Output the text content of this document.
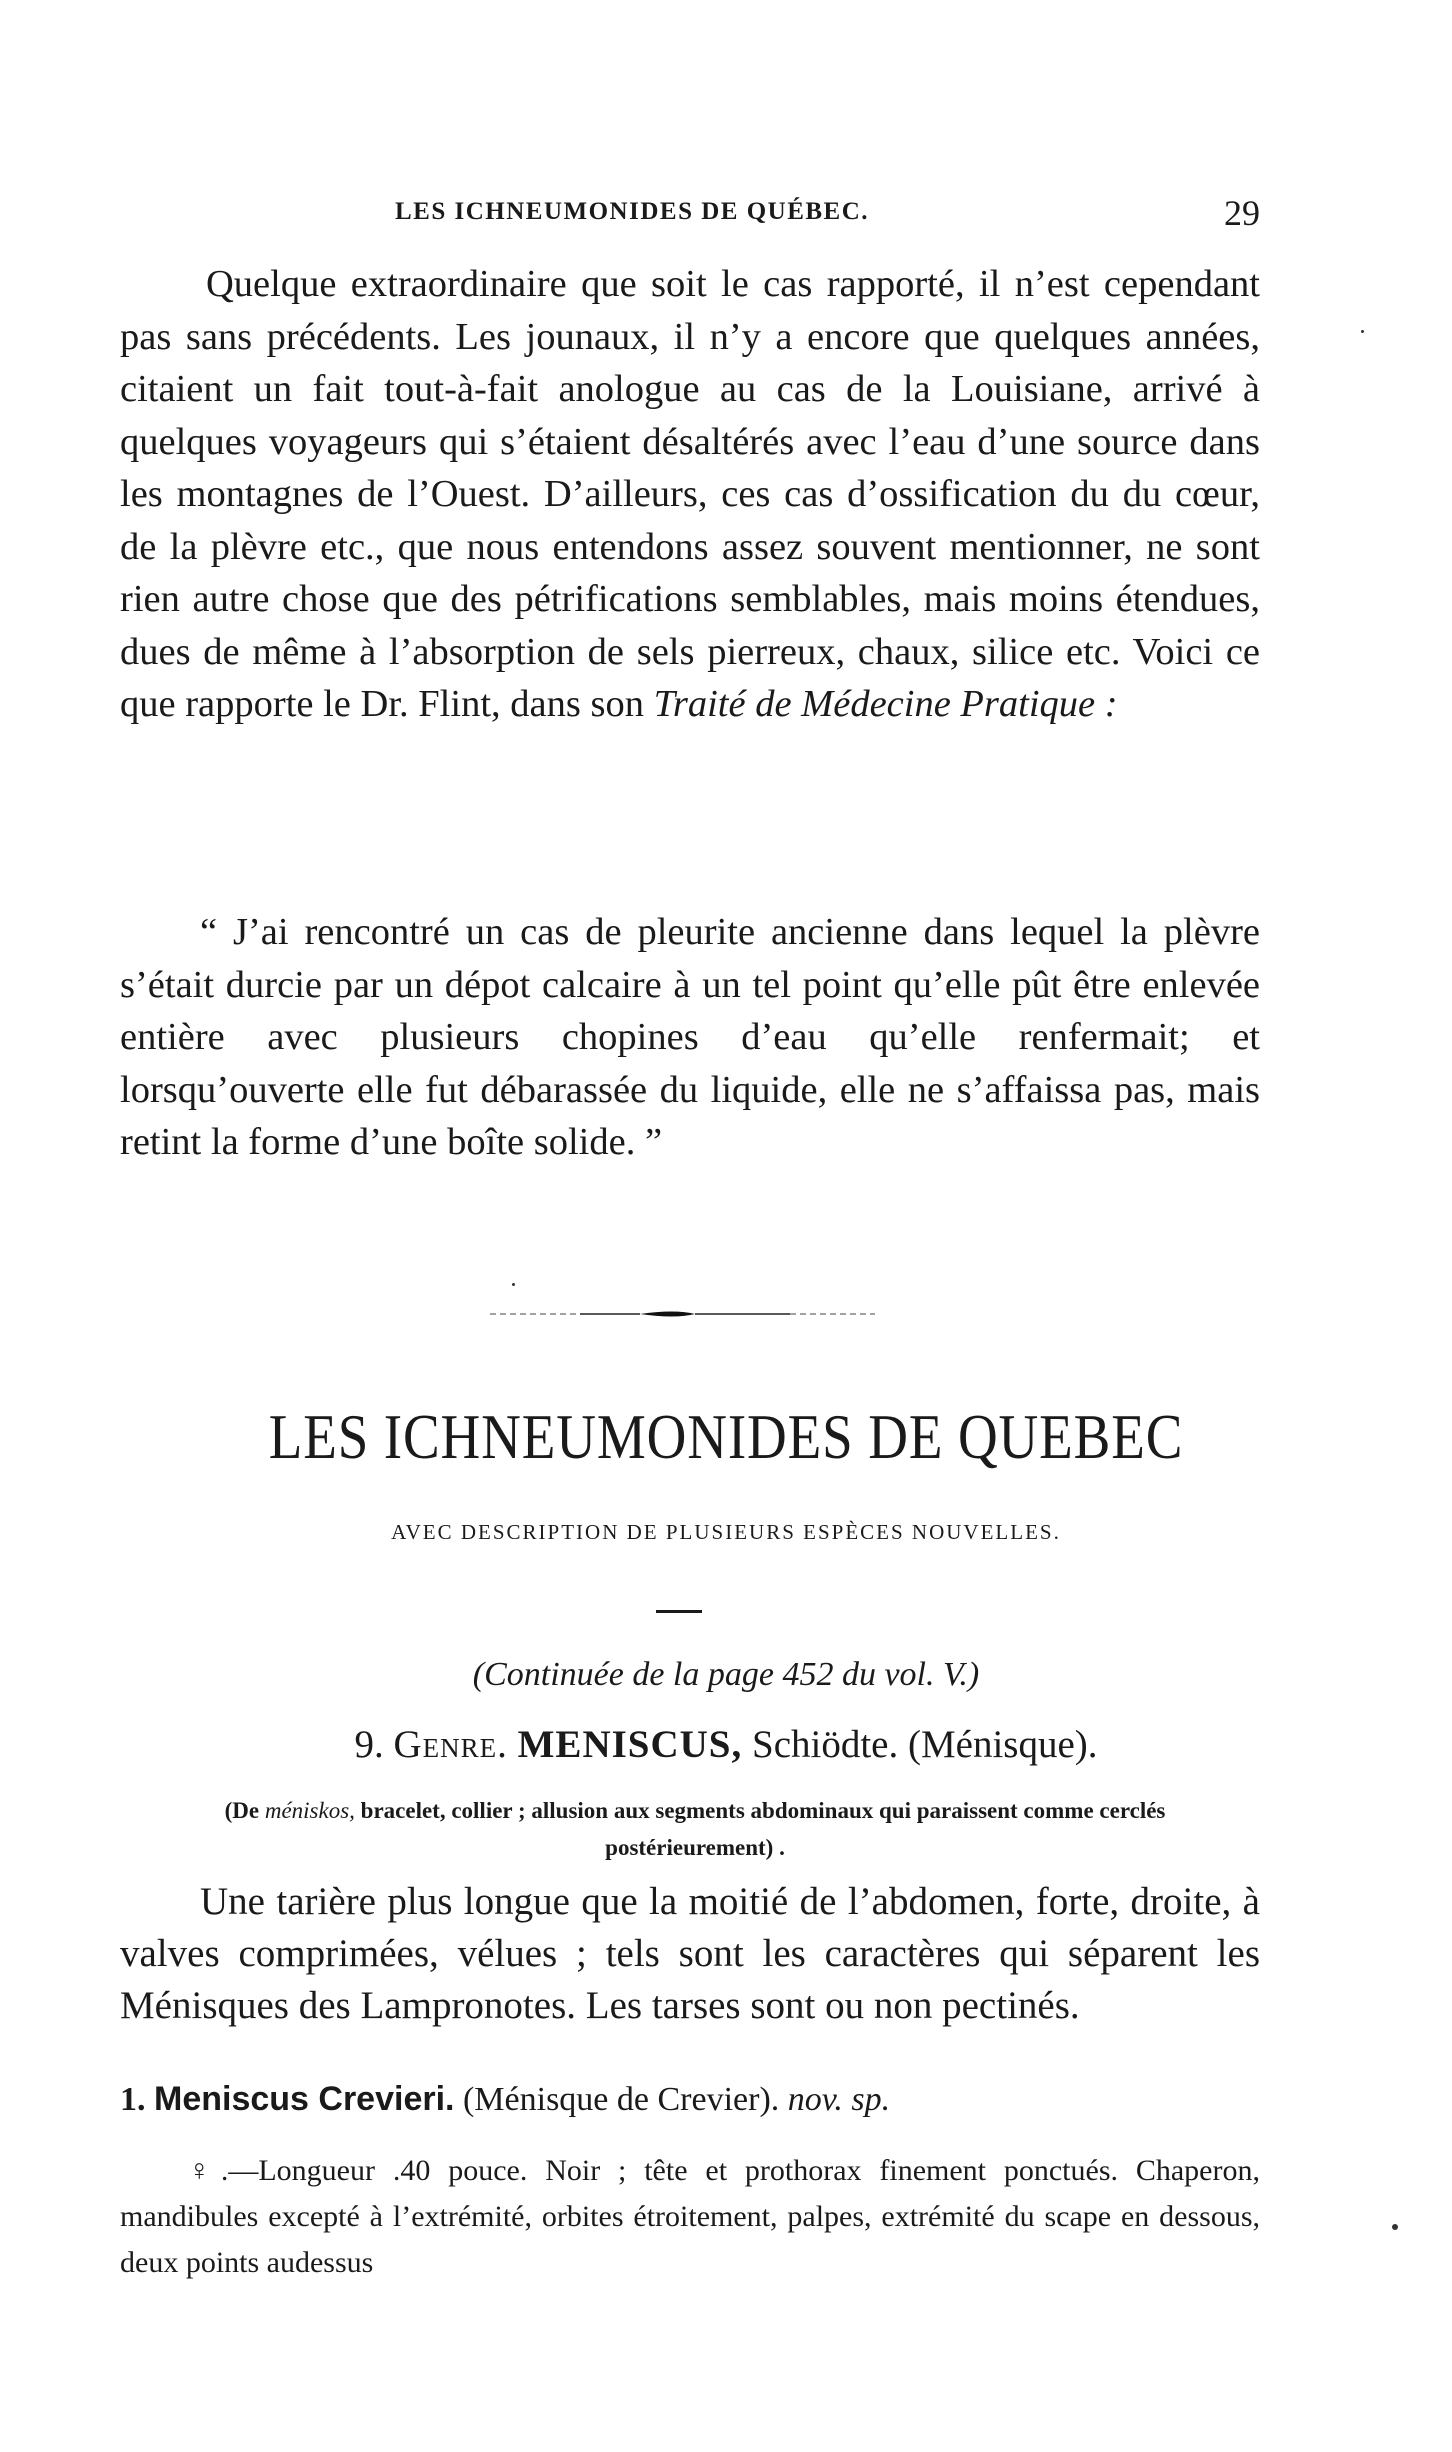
LES ICHNEUMONIDES DE QUÉBEC.	29
Quelque extraordinaire que soit le cas rapporté, il n’est cependant pas sans précédents. Les jounaux, il n’y a encore que quelques années, citaient un fait tout-à-fait anologue au cas de la Louisiane, arrivé à quelques voyageurs qui s’étaient désaltérés avec l’eau d’une source dans les montagnes de l’Ouest. D’ailleurs, ces cas d’ossification du du cœur, de la plèvre etc., que nous entendons assez souvent mentionner, ne sont rien autre chose que des pétrifications semblables, mais moins étendues, dues de même à l’absorption de sels pierreux, chaux, silice etc. Voici ce que rapporte le Dr. Flint, dans son Traité de Médecine Pratique :
“ J’ai rencontré un cas de pleurite ancienne dans lequel la plèvre s’était durcie par un dépot calcaire à un tel point qu’elle pût être enlevée entière avec plusieurs chopines d’eau qu’elle renfermait; et lorsqu’ouverte elle fut débarassée du liquide, elle ne s’affaissa pas, mais retint la forme d’une boîte solide. ”
LES ICHNEUMONIDES DE QUEBEC
AVEC DESCRIPTION DE PLUSIEURS ESPÈCES NOUVELLES.
(Continuée de la page 452 du vol. V.)
9. Genre. MENISCUS, Schiödte. (Ménisque).
(De méniskos, bracelet, collier ; allusion aux segments abdominaux qui paraissent comme cerclés postérieurement) .
Une tarière plus longue que la moitié de l’abdomen, forte, droite, à valves comprimées, vélues ; tels sont les caractères qui séparent les Ménisques des Lampronotes. Les tarses sont ou non pectinés.
1. Meniscus Crevieri. (Ménisque de Crevier). nov. sp.
♀.—Longueur .40 pouce. Noir ; tête et prothorax finement ponctués. Chaperon, mandibules excepté à l’extrémité, orbites étroitement, palpes, extrémité du scape en dessous, deux points audessus
